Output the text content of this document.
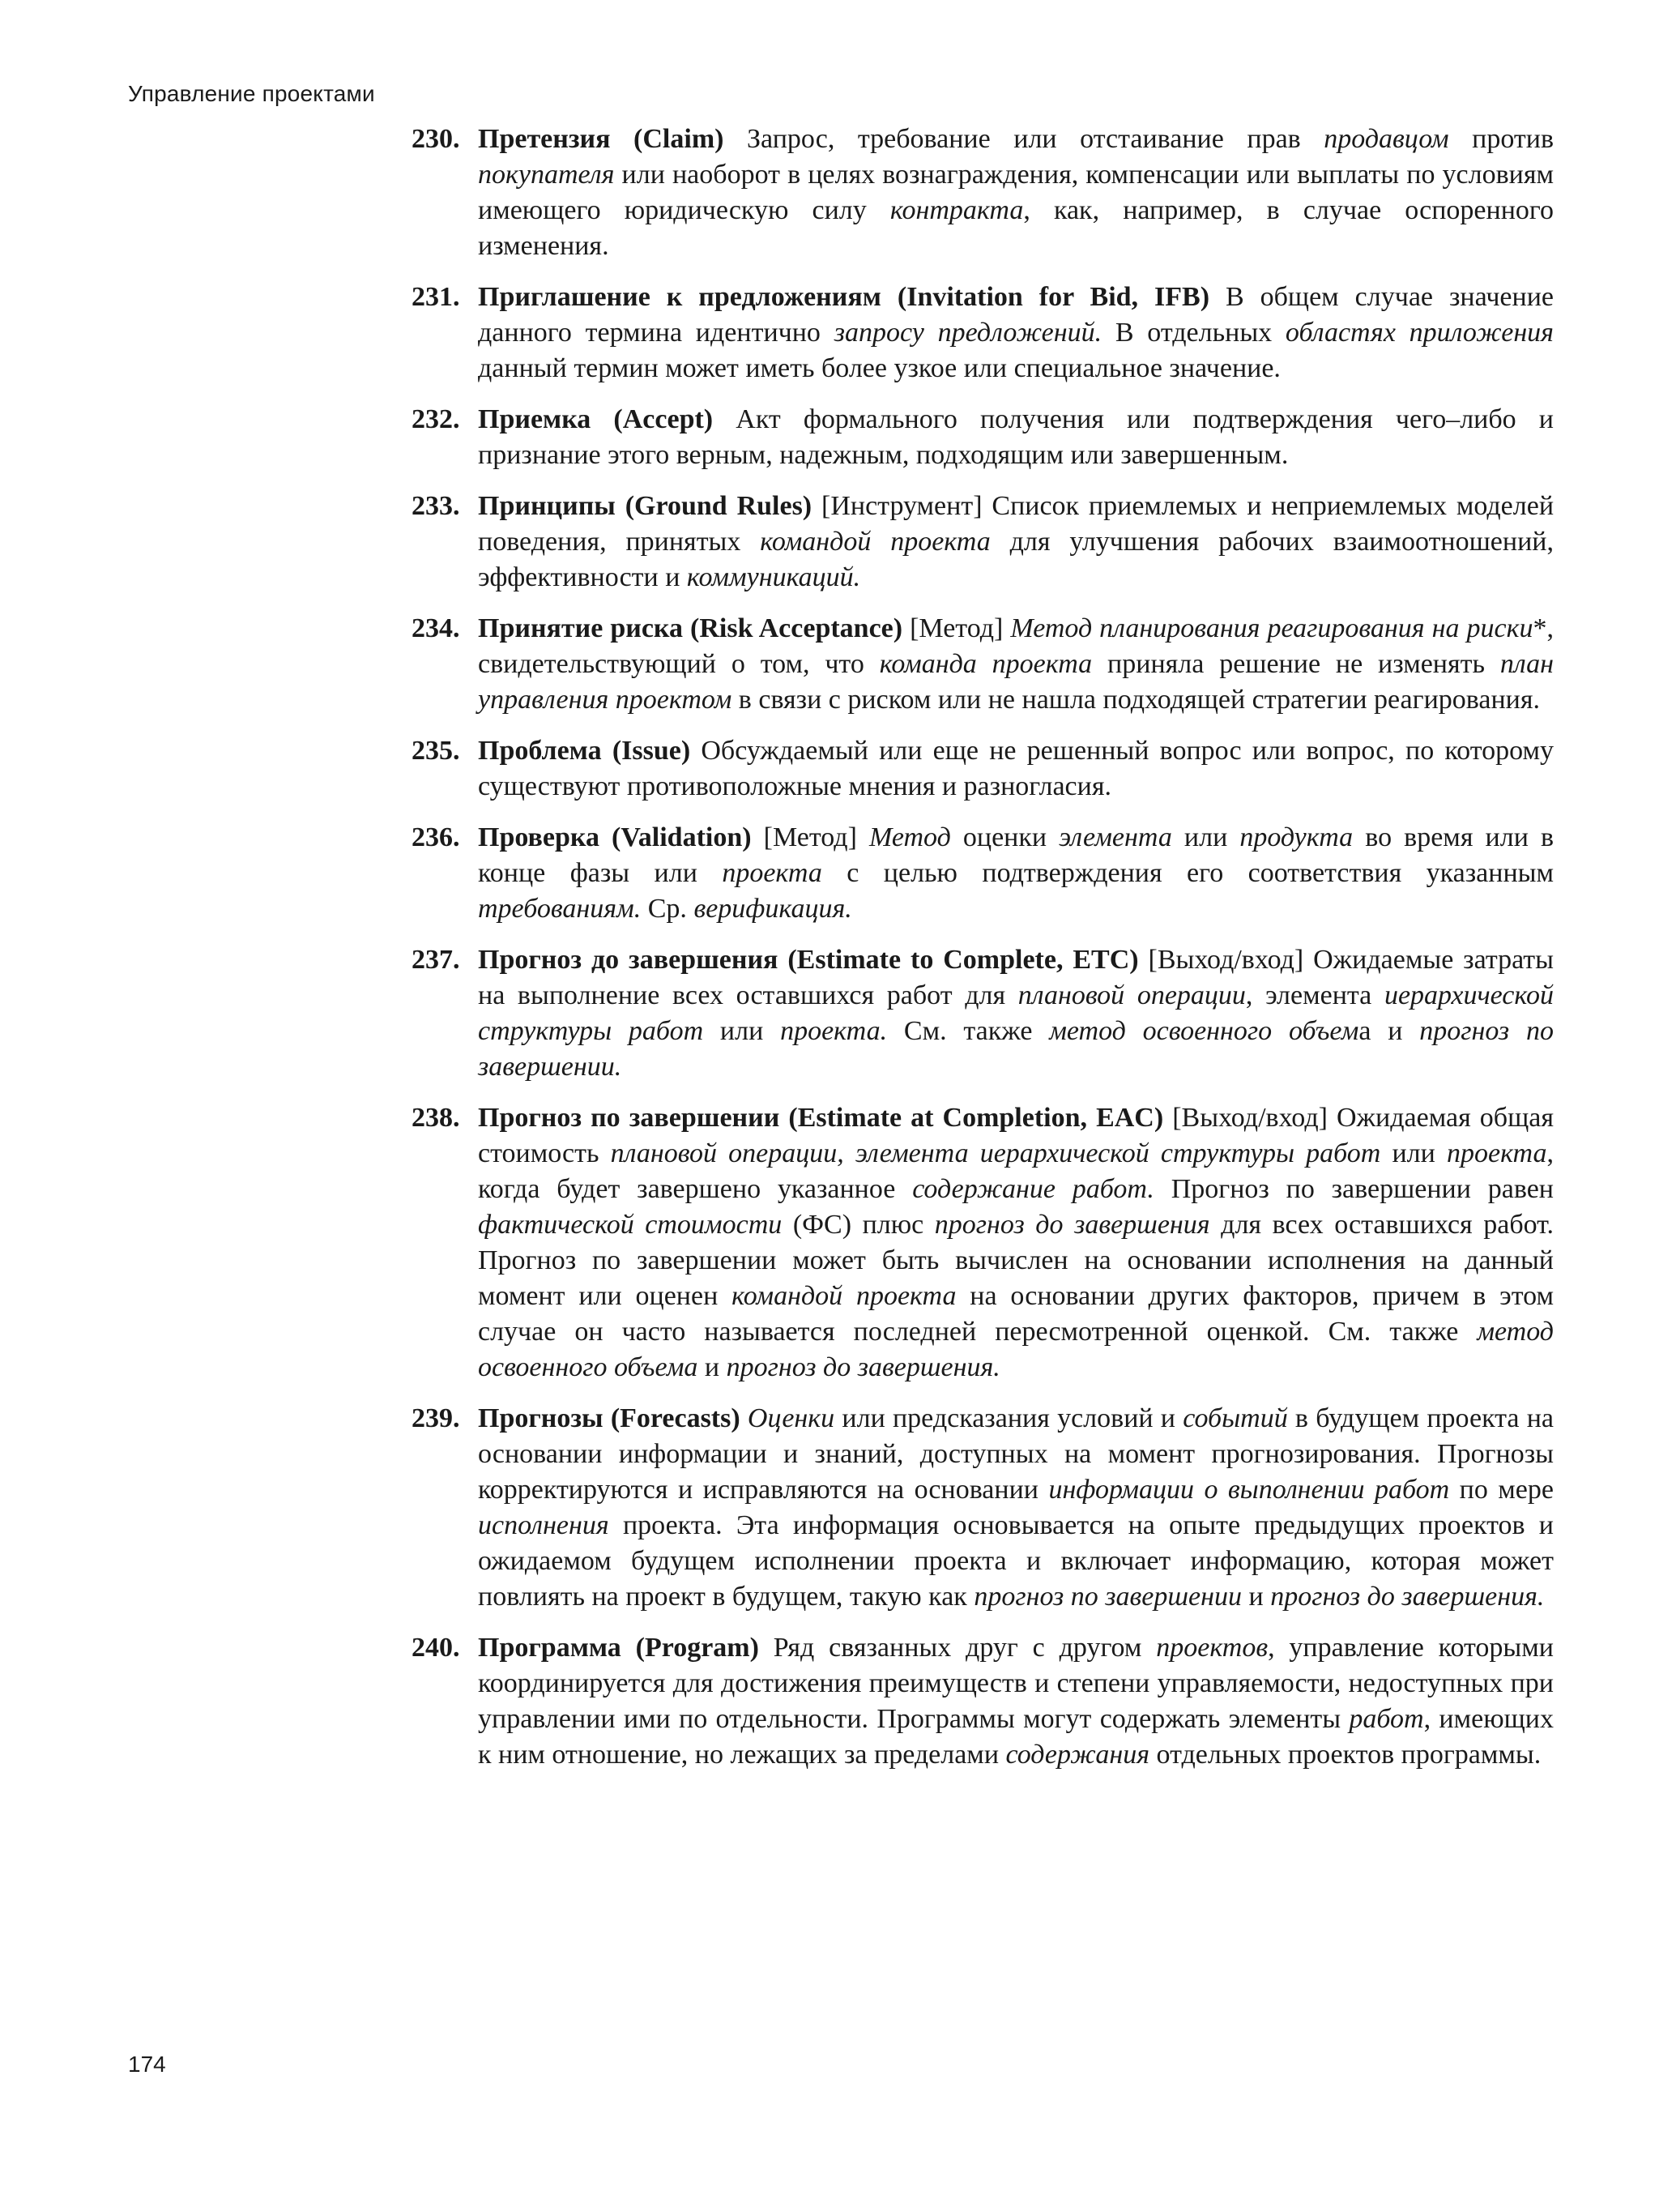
Управление проектами
230. Претензия (Claim) Запрос, требование или отстаивание прав продавцом против покупателя или наоборот в целях вознаграждения, компенсации или выплаты по условиям имеющего юридическую силу контракта, как, например, в случае оспоренного изменения.
231. Приглашение к предложениям (Invitation for Bid, IFB) В общем случае значение данного термина идентично запросу предложений. В отдельных областях приложения данный термин может иметь более узкое или специальное значение.
232. Приемка (Accept) Акт формального получения или подтверждения чего–либо и признание этого верным, надежным, подходящим или завершенным.
233. Принципы (Ground Rules) [Инструмент] Список приемлемых и неприемлемых моделей поведения, принятых командой проекта для улучшения рабочих взаимоотношений, эффективности и коммуникаций.
234. Принятие риска (Risk Acceptance) [Метод] Метод планирования реагирования на риски*, свидетельствующий о том, что команда проекта приняла решение не изменять план управления проектом в связи с риском или не нашла подходящей стратегии реагирования.
235. Проблема (Issue) Обсуждаемый или еще не решенный вопрос или вопрос, по которому существуют противоположные мнения и разногласия.
236. Проверка (Validation) [Метод] Метод оценки элемента или продукта во время или в конце фазы или проекта с целью подтверждения его соответствия указанным требованиям. Ср. верификация.
237. Прогноз до завершения (Estimate to Complete, ETC) [Выход/вход] Ожидаемые затраты на выполнение всех оставшихся работ для плановой операции, элемента иерархической структуры работ или проекта. См. также метод освоенного объема и прогноз по завершении.
238. Прогноз по завершении (Estimate at Completion, EAC) [Выход/вход] Ожидаемая общая стоимость плановой операции, элемента иерархической структуры работ или проекта, когда будет завершено указанное содержание работ. Прогноз по завершении равен фактической стоимости (ФС) плюс прогноз до завершения для всех оставшихся работ. Прогноз по завершении может быть вычислен на основании исполнения на данный момент или оценен командой проекта на основании других факторов, причем в этом случае он часто называется последней пересмотренной оценкой. См. также метод освоенного объема и прогноз до завершения.
239. Прогнозы (Forecasts) Оценки или предсказания условий и событий в будущем проекта на основании информации и знаний, доступных на момент прогнозирования. Прогнозы корректируются и исправляются на основании информации о выполнении работ по мере исполнения проекта. Эта информация основывается на опыте предыдущих проектов и ожидаемом будущем исполнении проекта и включает информацию, которая может повлиять на проект в будущем, такую как прогноз по завершении и прогноз до завершения.
240. Программа (Program) Ряд связанных друг с другом проектов, управление которыми координируется для достижения преимуществ и степени управляемости, недоступных при управлении ими по отдельности. Программы могут содержать элементы работ, имеющих к ним отношение, но лежащих за пределами содержания отдельных проектов программы.
174
